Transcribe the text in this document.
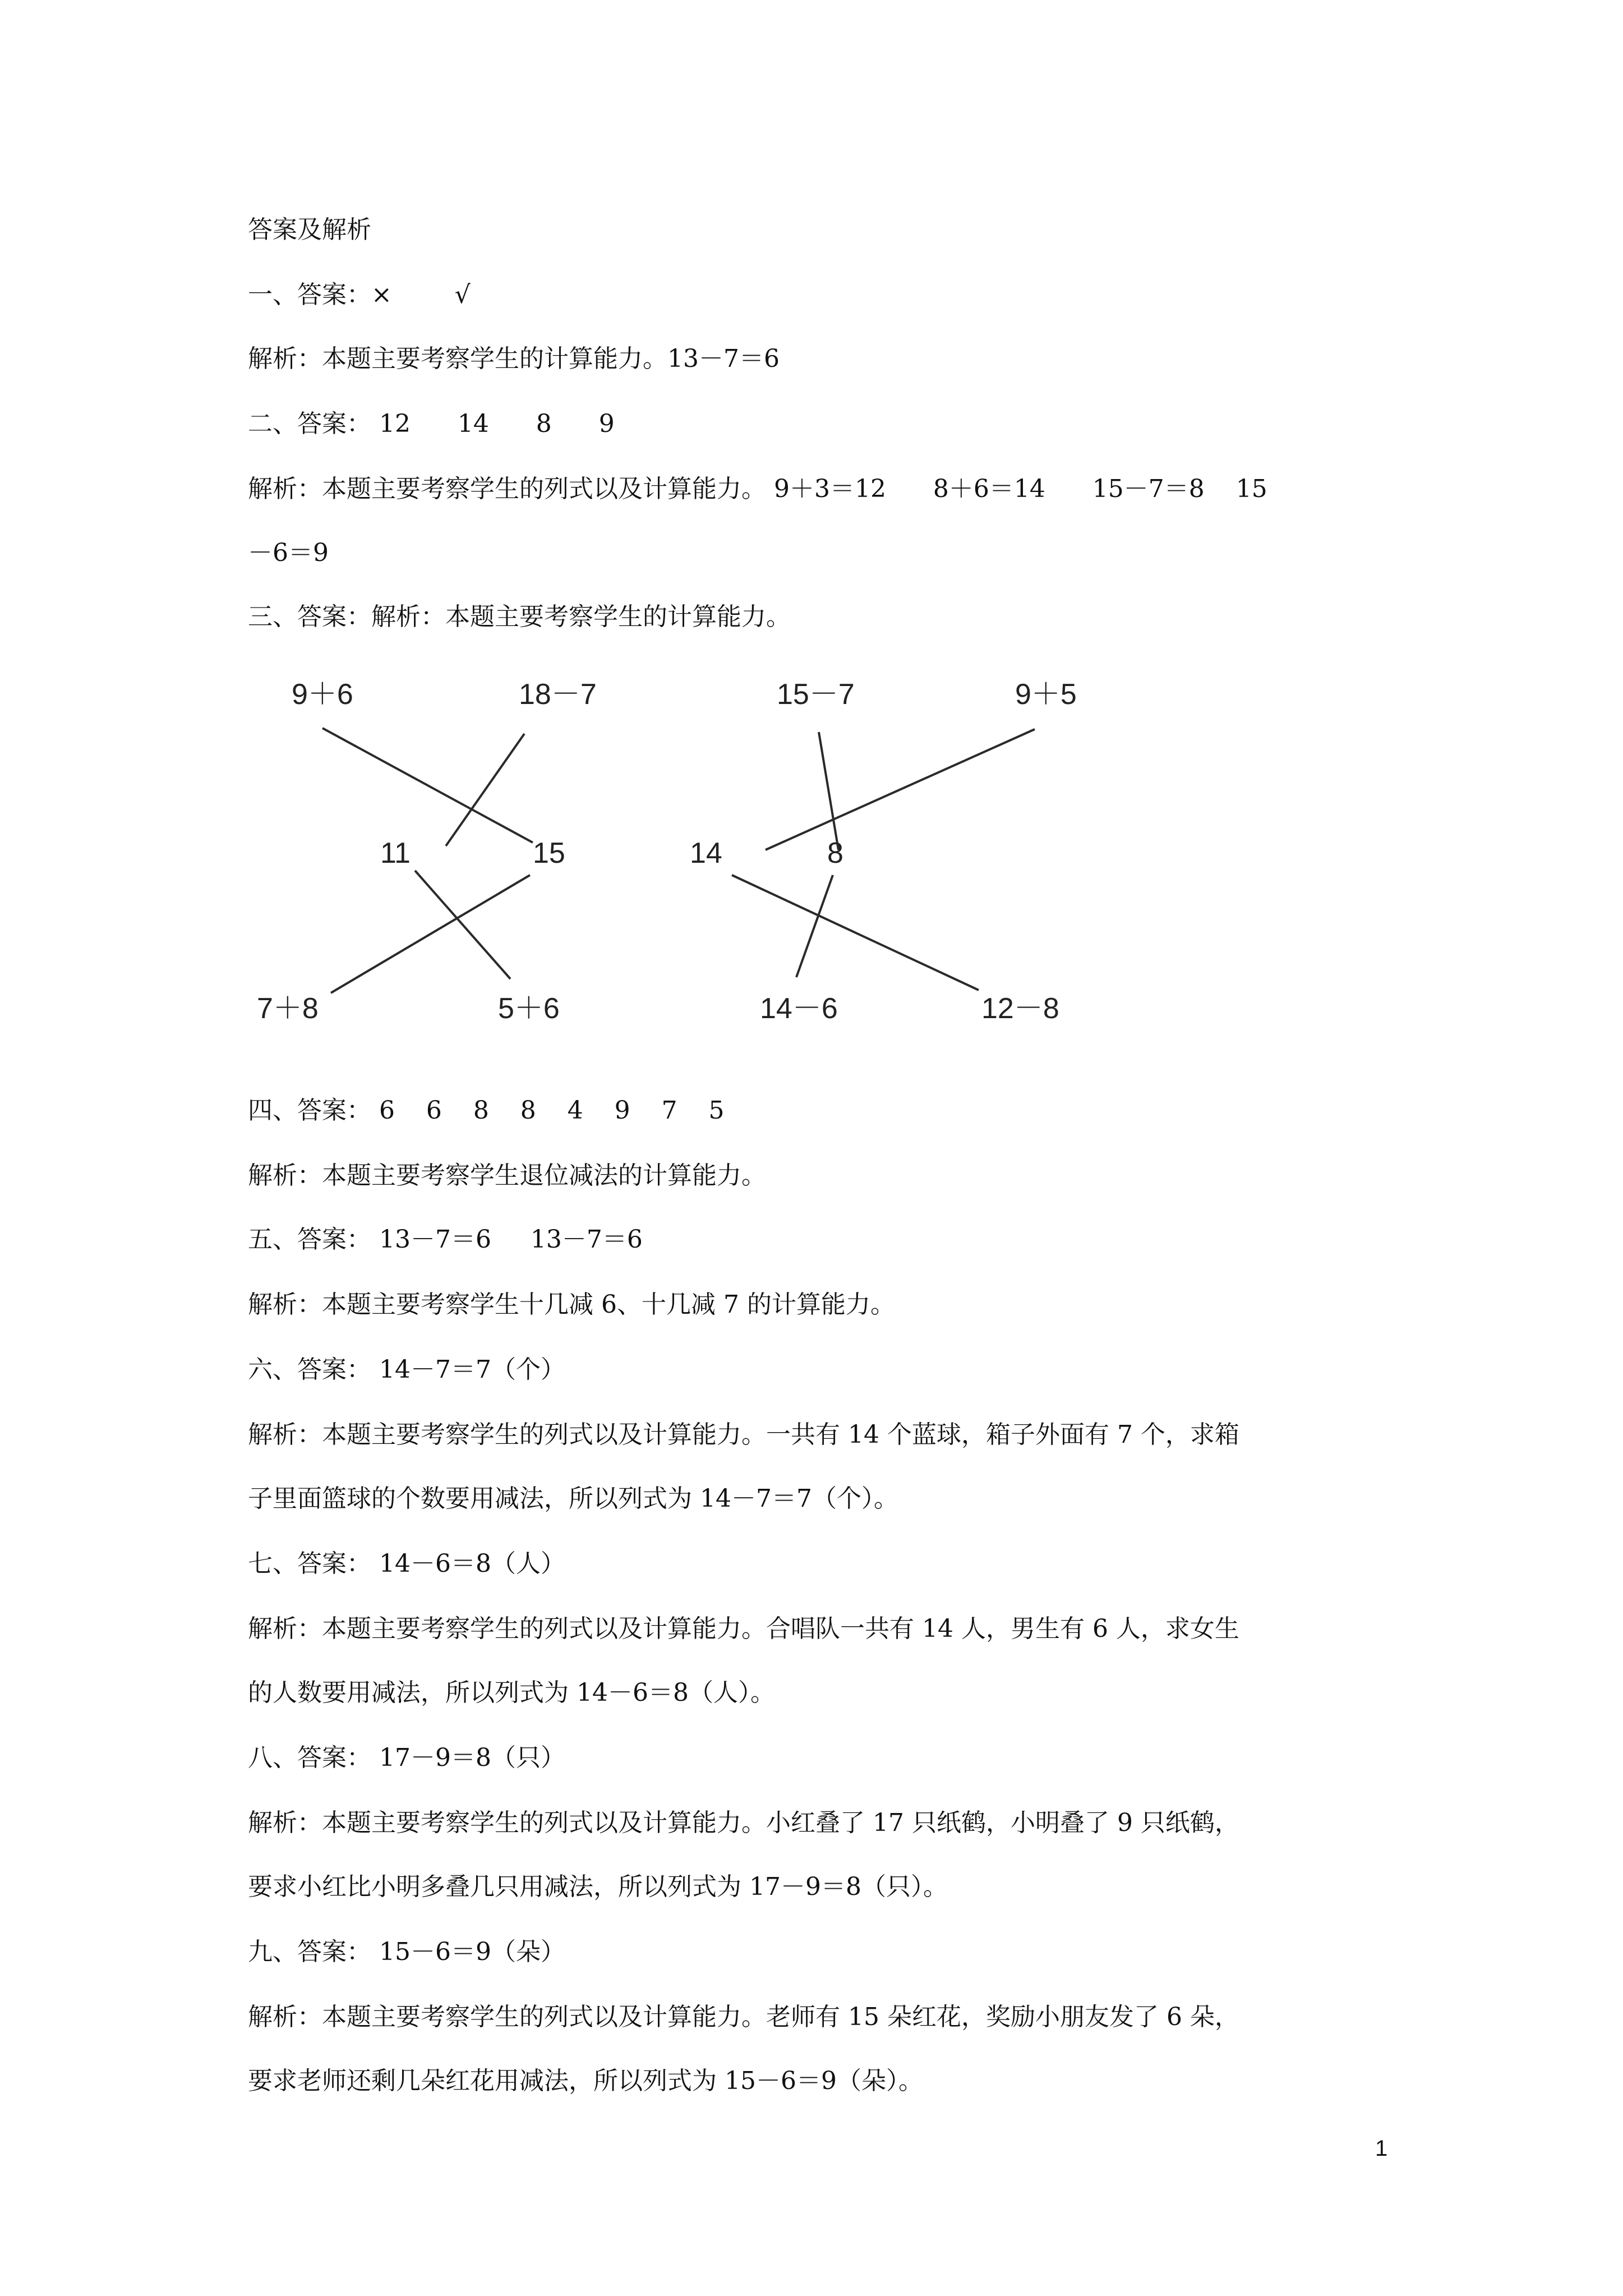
答案及解析
一、答案：×        √
解析：本题主要考察学生的计算能力。13－7＝6
二、答案： 12      14      8      9
解析：本题主要考察学生的列式以及计算能力。 9＋3＝12      8＋6＝14      15－7＝8    15
－6＝9
三、答案：解析：本题主要考察学生的计算能力。
9＋6	18－7
11	15
7＋8	5＋6
15－7	9＋5
14	8
14－6	12－8
四、答案： 6    6    8    8    4    9    7    5
解析：本题主要考察学生退位减法的计算能力。
五、答案： 13－7＝6     13－7＝6
解析：本题主要考察学生十几减 6、十几减 7 的计算能力。
六、答案： 14－7＝7（个）
解析：本题主要考察学生的列式以及计算能力。一共有 14 个蓝球，箱子外面有 7 个，求箱
子里面篮球的个数要用减法，所以列式为 14－7＝7（个）。
七、答案： 14－6＝8（人）
解析：本题主要考察学生的列式以及计算能力。合唱队一共有 14 人，男生有 6 人，求女生
的人数要用减法，所以列式为 14－6＝8（人）。
八、答案： 17－9＝8（只）
解析：本题主要考察学生的列式以及计算能力。小红叠了 17 只纸鹤，小明叠了 9 只纸鹤，
要求小红比小明多叠几只用减法，所以列式为 17－9＝8（只）。
九、答案： 15－6＝9（朵）
解析：本题主要考察学生的列式以及计算能力。老师有 15 朵红花，奖励小朋友发了 6 朵，
要求老师还剩几朵红花用减法，所以列式为 15－6＝9（朵）。
1
